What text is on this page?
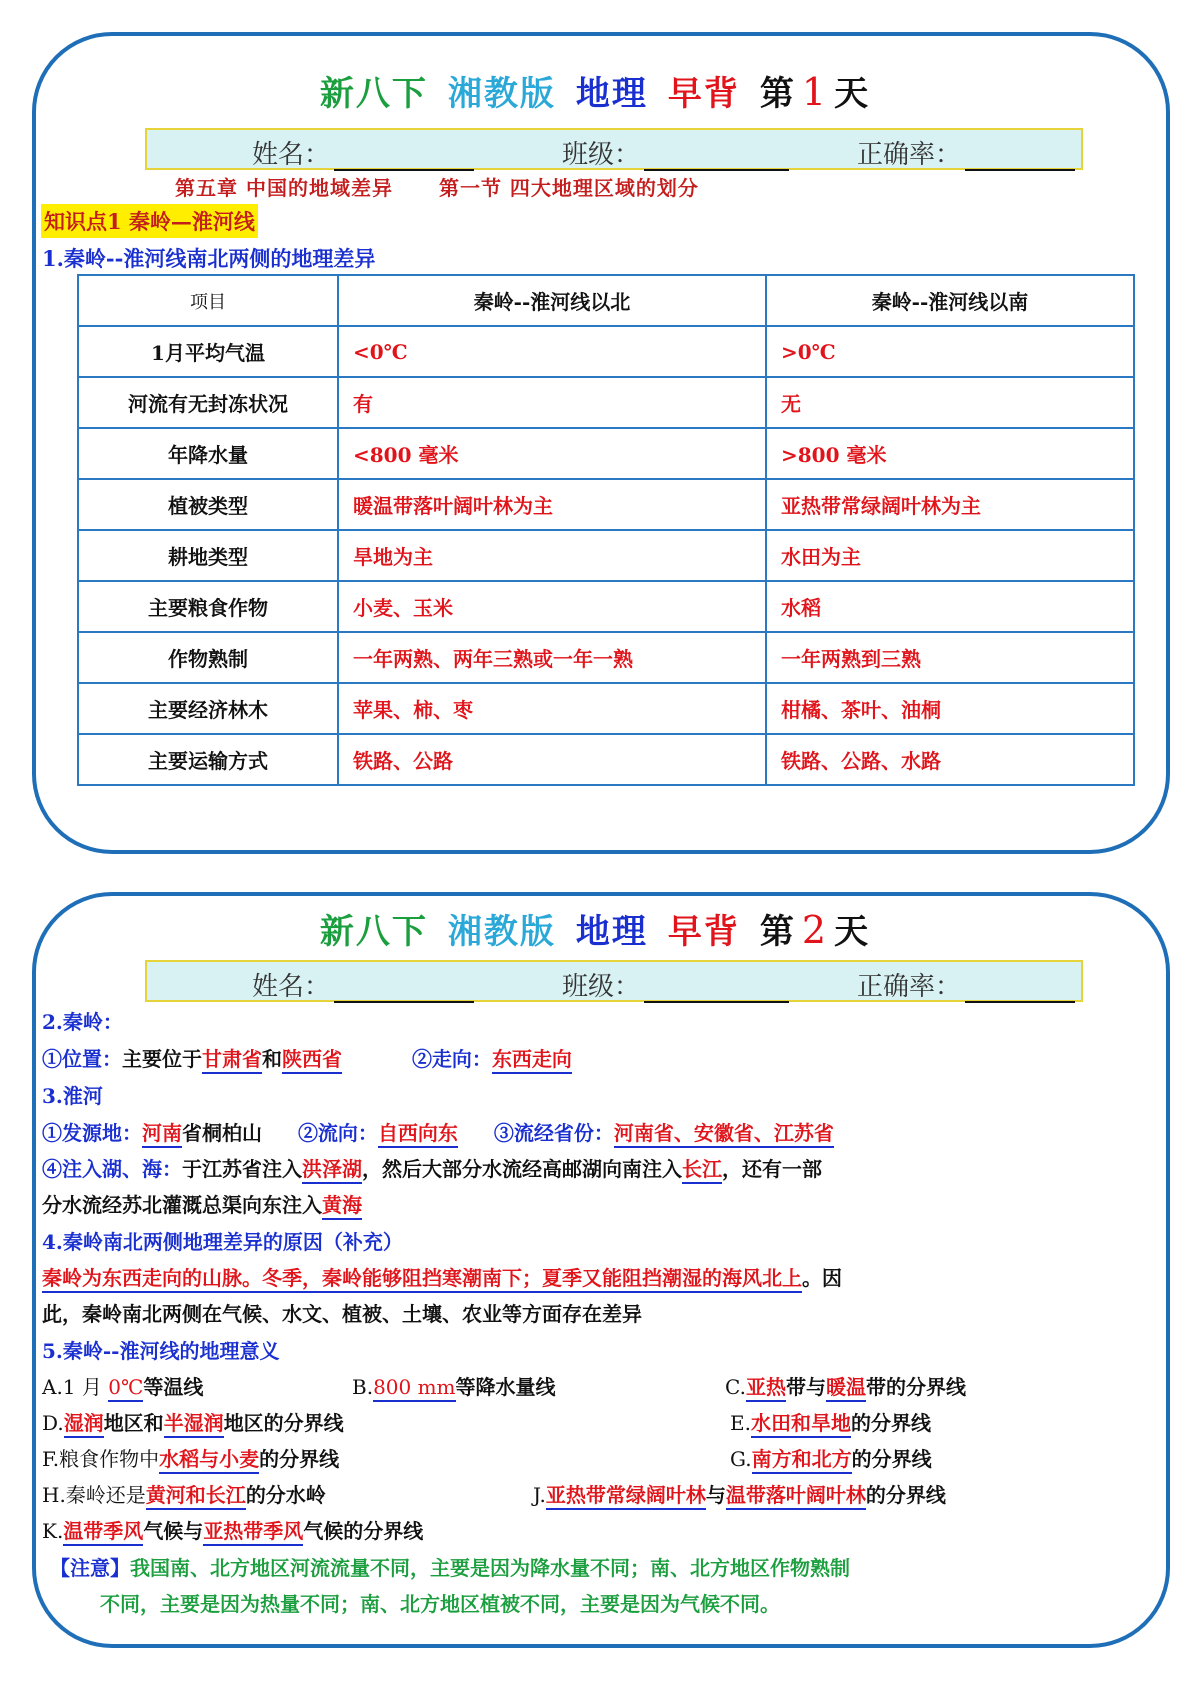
新八下 湘教版 地理 早背 第 1 天
姓名：	班级：	正确率：
第五章 中国的地域差异 第一节 四大地理区域的划分
知识点1 秦岭—淮河线
1.秦岭--淮河线南北两侧的地理差异
项目	秦岭--淮河线以北	秦岭--淮河线以南
1月平均气温	<0℃	>0℃
河流有无封冻状况	有	无
年降水量	<800 毫米	>800 毫米
植被类型	暖温带落叶阔叶林为主	亚热带常绿阔叶林为主
耕地类型	旱地为主	水田为主
主要粮食作物	小麦、玉米	水稻
作物熟制	一年两熟、两年三熟或一年一熟	一年两熟到三熟
主要经济林木	苹果、柿、枣	柑橘、茶叶、油桐
主要运输方式	铁路、公路	铁路、公路、水路
新八下 湘教版 地理 早背 第 2 天
姓名：	班级：	正确率：
2.秦岭：
①位置：主要位于甘肃省和陕西省	②走向：东西走向
3.淮河
①发源地：河南省桐柏山 ②流向：自西向东 ③流经省份：河南省、安徽省、江苏省
④注入湖、海：于江苏省注入洪泽湖，然后大部分水流经高邮湖向南注入长江，还有一部
分水流经苏北灌溉总渠向东注入黄海
4.秦岭南北两侧地理差异的原因（补充）
秦岭为东西走向的山脉。冬季，秦岭能够阻挡寒潮南下；夏季又能阻挡潮湿的海风北上。因
此，秦岭南北两侧在气候、水文、植被、土壤、农业等方面存在差异
5.秦岭--淮河线的地理意义
A.1 月 0℃等温线	B.800 mm等降水量线	C.亚热带与暖温带的分界线
D.湿润地区和半湿润地区的分界线	E.水田和旱地的分界线
F.粮食作物中水稻与小麦的分界线	G.南方和北方的分界线
H.秦岭还是黄河和长江的分水岭	J.亚热带常绿阔叶林与温带落叶阔叶林的分界线
K.温带季风气候与亚热带季风气候的分界线
【注意】我国南、北方地区河流流量不同，主要是因为降水量不同；南、北方地区作物熟制
不同，主要是因为热量不同；南、北方地区植被不同，主要是因为气候不同。
